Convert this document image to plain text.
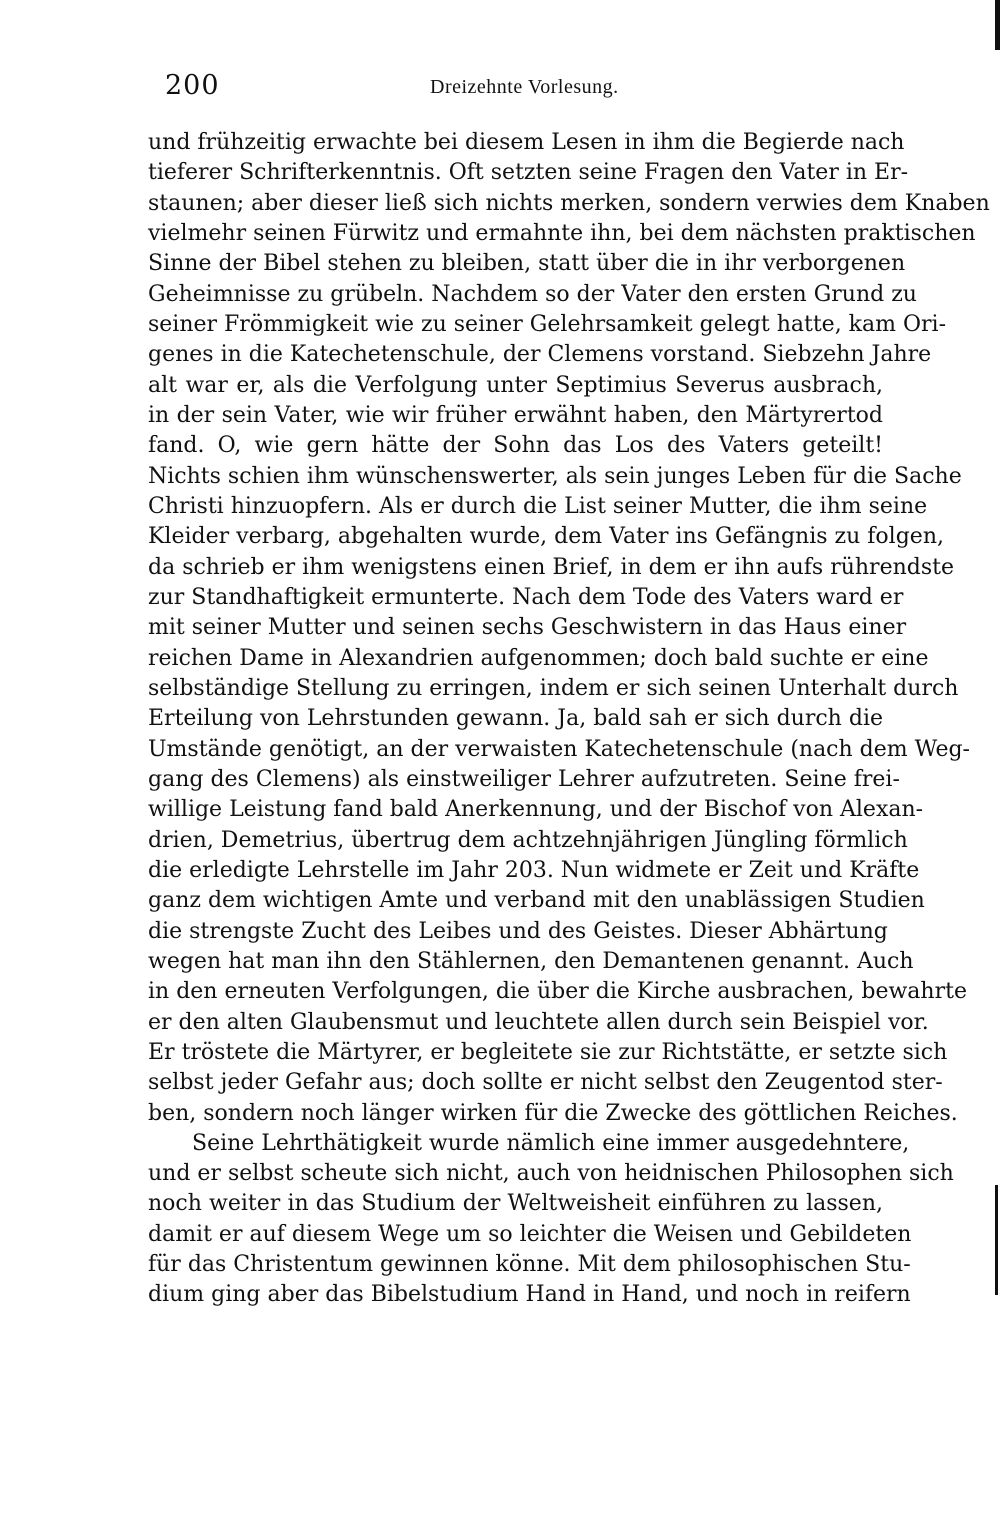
200	Dreizehnte Vorlesung.
und frühzeitig erwachte bei diesem Lesen in ihm die Begierde nach
tieferer Schrifterkenntnis. Oft setzten seine Fragen den Vater in Er-
staunen; aber dieser ließ sich nichts merken, sondern verwies dem Knaben
vielmehr seinen Fürwitz und ermahnte ihn, bei dem nächsten praktischen
Sinne der Bibel stehen zu bleiben, statt über die in ihr verborgenen
Geheimnisse zu grübeln. Nachdem so der Vater den ersten Grund zu
seiner Frömmigkeit wie zu seiner Gelehrsamkeit gelegt hatte, kam Ori-
genes in die Katechetenschule, der Clemens vorstand. Siebzehn Jahre
alt war er, als die Verfolgung unter Septimius Severus ausbrach,
in der sein Vater, wie wir früher erwähnt haben, den Märtyrertod
fand. O, wie gern hätte der Sohn das Los des Vaters geteilt!
Nichts schien ihm wünschenswerter, als sein junges Leben für die Sache
Christi hinzuopfern. Als er durch die List seiner Mutter, die ihm seine
Kleider verbarg, abgehalten wurde, dem Vater ins Gefängnis zu folgen,
da schrieb er ihm wenigstens einen Brief, in dem er ihn aufs rührendste
zur Standhaftigkeit ermunterte. Nach dem Tode des Vaters ward er
mit seiner Mutter und seinen sechs Geschwistern in das Haus einer
reichen Dame in Alexandrien aufgenommen; doch bald suchte er eine
selbständige Stellung zu erringen, indem er sich seinen Unterhalt durch
Erteilung von Lehrstunden gewann. Ja, bald sah er sich durch die
Umstände genötigt, an der verwaisten Katechetenschule (nach dem Weg-
gang des Clemens) als einstweiliger Lehrer aufzutreten. Seine frei-
willige Leistung fand bald Anerkennung, und der Bischof von Alexan-
drien, Demetrius, übertrug dem achtzehnjährigen Jüngling förmlich
die erledigte Lehrstelle im Jahr 203. Nun widmete er Zeit und Kräfte
ganz dem wichtigen Amte und verband mit den unablässigen Studien
die strengste Zucht des Leibes und des Geistes. Dieser Abhärtung
wegen hat man ihn den Stählernen, den Demantenen genannt. Auch
in den erneuten Verfolgungen, die über die Kirche ausbrachen, bewahrte
er den alten Glaubensmut und leuchtete allen durch sein Beispiel vor.
Er tröstete die Märtyrer, er begleitete sie zur Richtstätte, er setzte sich
selbst jeder Gefahr aus; doch sollte er nicht selbst den Zeugentod ster-
ben, sondern noch länger wirken für die Zwecke des göttlichen Reiches.
Seine Lehrthätigkeit wurde nämlich eine immer ausgedehntere,
und er selbst scheute sich nicht, auch von heidnischen Philosophen sich
noch weiter in das Studium der Weltweisheit einführen zu lassen,
damit er auf diesem Wege um so leichter die Weisen und Gebildeten
für das Christentum gewinnen könne. Mit dem philosophischen Stu-
dium ging aber das Bibelstudium Hand in Hand, und noch in reifern
